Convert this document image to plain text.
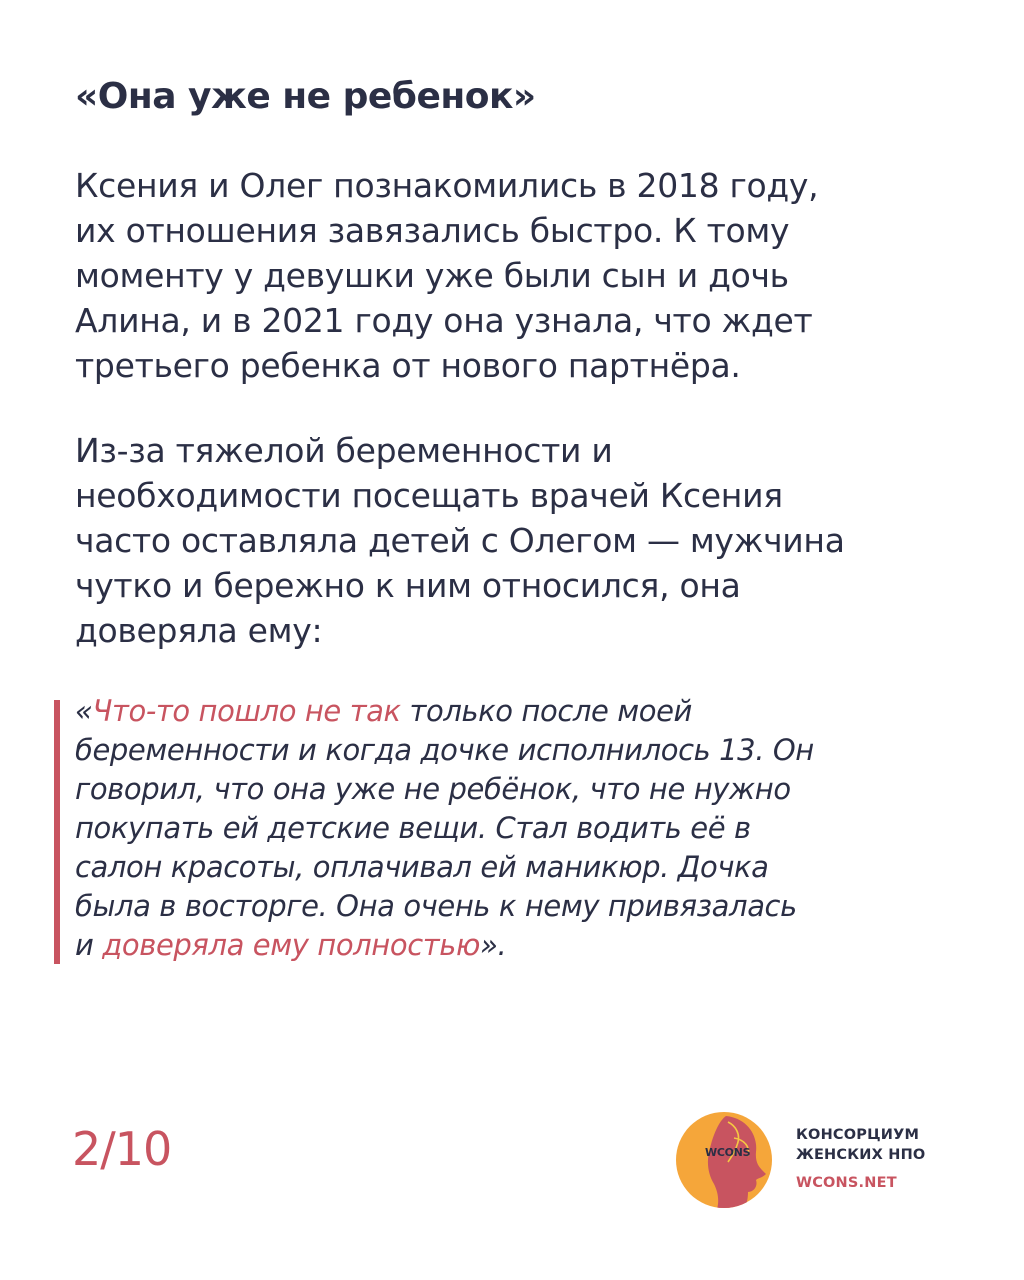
«Она уже не ребенок»

Ксения и Олег познакомились в 2018 году,
их отношения завязались быстро. К тому
моменту у девушки уже были сын и дочь
Алина, и в 2021 году она узнала, что ждет
третьего ребенка от нового партнёра.

Из-за тяжелой беременности и
необходимости посещать врачей Ксения
часто оставляла детей с Олегом — мужчина
чутко и бережно к ним относился, она
доверяла ему:

«Что-то пошло не так только после моей
беременности и когда дочке исполнилось 13. Он
говорил, что она уже не ребёнок, что не нужно
покупать ей детские вещи. Стал водить её в
салон красоты, оплачивал ей маникюр. Дочка
была в восторге. Она очень к нему привязалась
и доверяла ему полностью».
2/10	WCONS
КОНСОРЦИУМ
ЖЕНСКИХ НПО
WCONS.NET
